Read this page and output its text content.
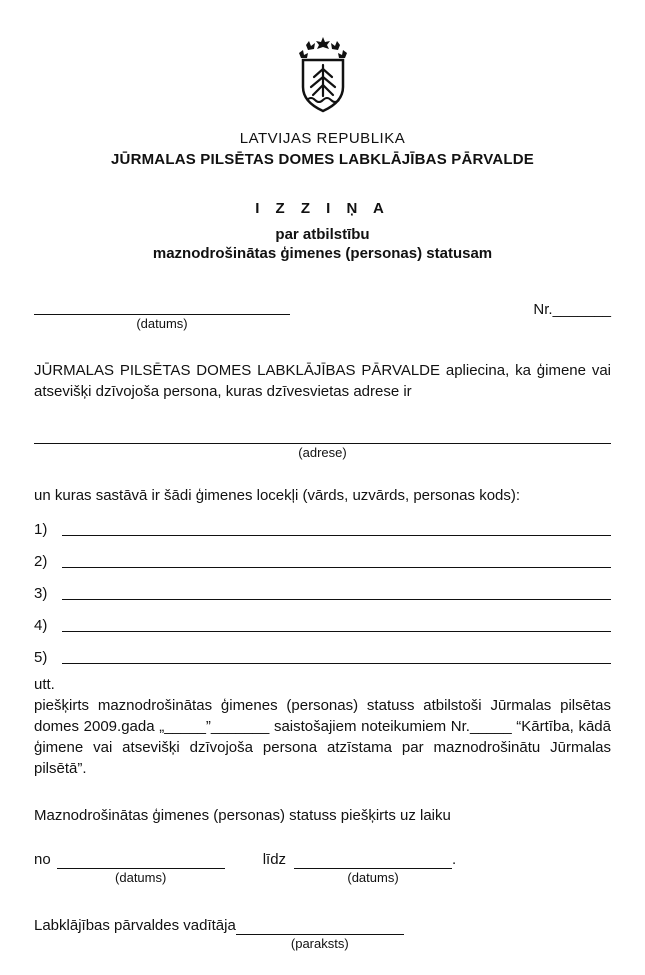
LATVIJAS REPUBLIKA
JŪRMALAS PILSĒTAS DOMES LABKLĀJĪBAS PĀRVALDE
I Z Z I Ņ A
par atbilstību
maznodrošinātas ģimenes (personas) statusam
(datums)
Nr._______

JŪRMALAS PILSĒTAS DOMES LABKLĀJĪBAS PĀRVALDE apliecina, ka ģimene vai atsevišķi dzīvojoša persona, kuras dzīvesvietas adrese ir

(adrese)

un kuras sastāvā ir šādi ģimenes locekļi (vārds, uzvārds, personas kods):

1)
2)
3)
4)
5)
utt.

piešķirts maznodrošinātas ģimenes (personas) statuss atbilstoši Jūrmalas pilsētas domes 2009.gada „_____”_______ saistošajiem noteikumiem Nr._____ “Kārtība, kādā ģimene vai atsevišķi dzīvojoša persona atzīstama par maznodrošinātu Jūrmalas pilsētā”.

Maznodrošinātas ģimenes (personas) statuss piešķirts uz laiku

no
(datums)
līdz
(datums)
.
Labklājības pārvaldes vadītāja
(paraksts)
